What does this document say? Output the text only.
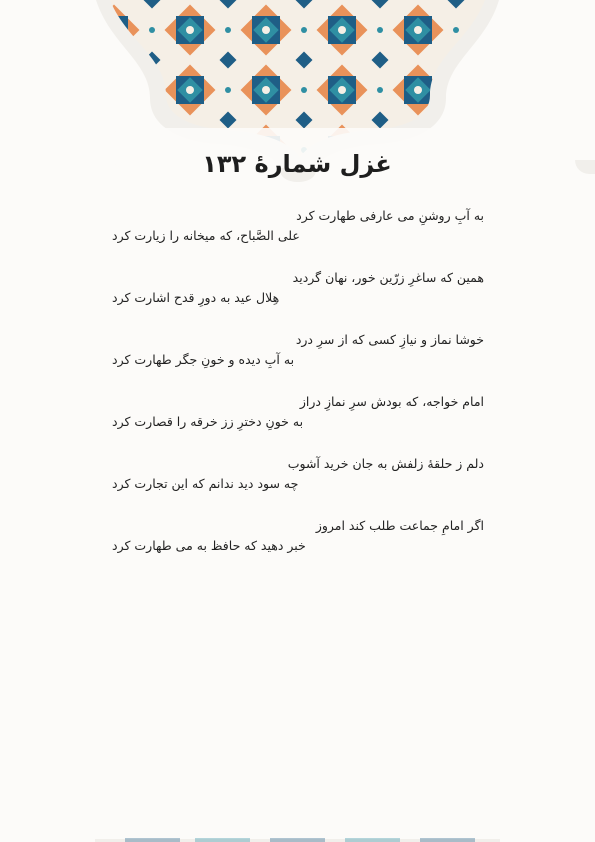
غزل شمارهٔ ۱۳۲
به آبِ روشنِ می عارفی طهارت کرد
علی الصَّباح، که میخانه را زیارت کرد
همین که ساغرِ زرّین خور، نهان گردید
هِلال عید به دورِ قدح اشارت کرد
خوشا نماز و نیازِ کسی که از سرِ درد
به آبِ دیده و خونِ جگر طهارت کرد
امام خواجه، که بودش سرِ نمازِ دراز
به خونِ دخترِ زز خرقه را قصارت کرد
دلم ز حلقهٔ زلفش به جان خرید آشوب
چه سود دید ندانم که این تجارت کرد
اگر امامِ جماعت طلب کند امروز
خبر دهید که حافظ به می طهارت کرد
